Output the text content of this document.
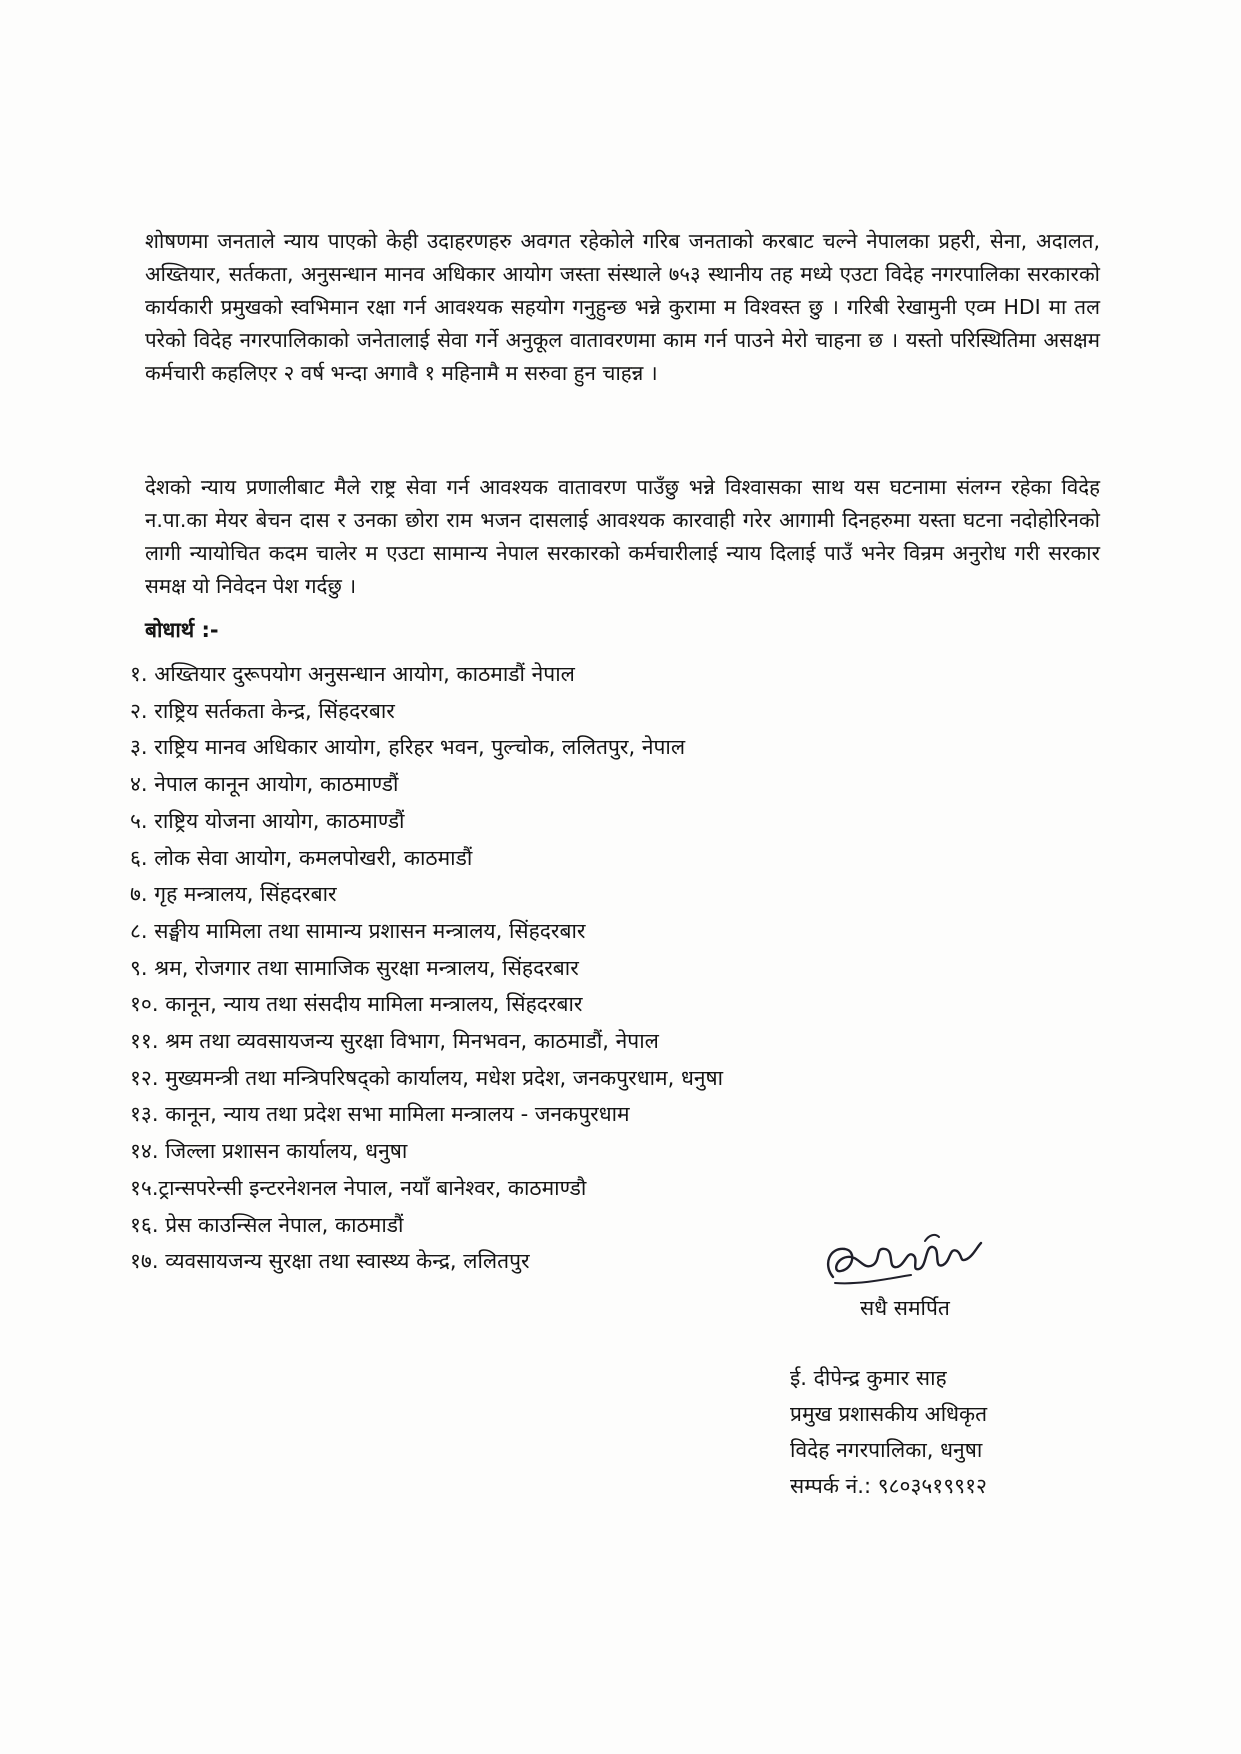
शोषणमा जनताले न्याय पाएको केही उदाहरणहरु अवगत रहेकोले गरिब जनताको करबाट चल्ने नेपालका प्रहरी, सेना, अदालत, अख्तियार, सर्तकता, अनुसन्धान मानव अधिकार आयोग जस्ता संस्थाले ७५३ स्थानीय तह मध्ये एउटा विदेह नगरपालिका सरकारको कार्यकारी प्रमुखको स्वभिमान रक्षा गर्न आवश्यक सहयोग गनुहुन्छ भन्ने कुरामा म विश्वस्त छु । गरिबी रेखामुनी एव्म HDI मा तल परेको विदेह नगरपालिकाको जनेतालाई सेवा गर्ने अनुकूल वातावरणमा काम गर्न पाउने मेरो चाहना छ । यस्तो परिस्थितिमा असक्षम कर्मचारी कहलिएर २ वर्ष भन्दा अगावै १ महिनामै म सरुवा हुन चाहन्न ।

देशको न्याय प्रणालीबाट मैले राष्ट्र सेवा गर्न आवश्यक वातावरण पाउँछु भन्ने विश्वासका साथ यस घटनामा संलग्न रहेका विदेह न.पा.का मेयर बेचन दास र उनका छोरा राम भजन दासलाई आवश्यक कारवाही गरेर आगामी दिनहरुमा यस्ता घटना नदोहोरिनको लागी न्यायोचित कदम चालेर म एउटा सामान्य नेपाल सरकारको कर्मचारीलाई न्याय दिलाई पाउँ भनेर विन्रम अनुरोध गरी सरकार समक्ष यो निवेदन पेश गर्दछु ।

बोधार्थ :-
१. अख्तियार दुरूपयोग अनुसन्धान आयोग, काठमाडौं नेपाल
२. राष्ट्रिय सर्तकता केन्द्र, सिंहदरबार
३. राष्ट्रिय मानव अधिकार आयोग, हरिहर भवन, पुल्चोक, ललितपुर, नेपाल
४. नेपाल कानून आयोग, काठमाण्डौं
५. राष्ट्रिय योजना आयोग, काठमाण्डौं
६. लोक सेवा आयोग, कमलपोखरी, काठमाडौं
७. गृह मन्त्रालय, सिंहदरबार
८. सङ्घीय मामिला तथा सामान्य प्रशासन मन्त्रालय, सिंहदरबार
९. श्रम, रोजगार तथा सामाजिक सुरक्षा मन्त्रालय, सिंहदरबार
१०. कानून, न्याय तथा संसदीय मामिला मन्त्रालय, सिंहदरबार
११. श्रम तथा व्यवसायजन्य सुरक्षा विभाग, मिनभवन, काठमाडौं, नेपाल
१२. मुख्यमन्त्री तथा मन्त्रिपरिषद्को कार्यालय, मधेश प्रदेश, जनकपुरधाम, धनुषा
१३. कानून, न्याय तथा प्रदेश सभा मामिला मन्त्रालय - जनकपुरधाम
१४. जिल्ला प्रशासन कार्यालय, धनुषा
१५.ट्रान्सपरेन्सी इन्टरनेशनल नेपाल, नयाँ बानेश्वर, काठमाण्डौ
१६. प्रेस काउन्सिल नेपाल, काठमाडौं
१७. व्यवसायजन्य सुरक्षा तथा स्वास्थ्य केन्द्र, ललितपुर
सधै समर्पित
ई. दीपेन्द्र कुमार साह
प्रमुख प्रशासकीय अधिकृत
विदेह नगरपालिका, धनुषा
सम्पर्क नं.: ९८०३५१९९१२
